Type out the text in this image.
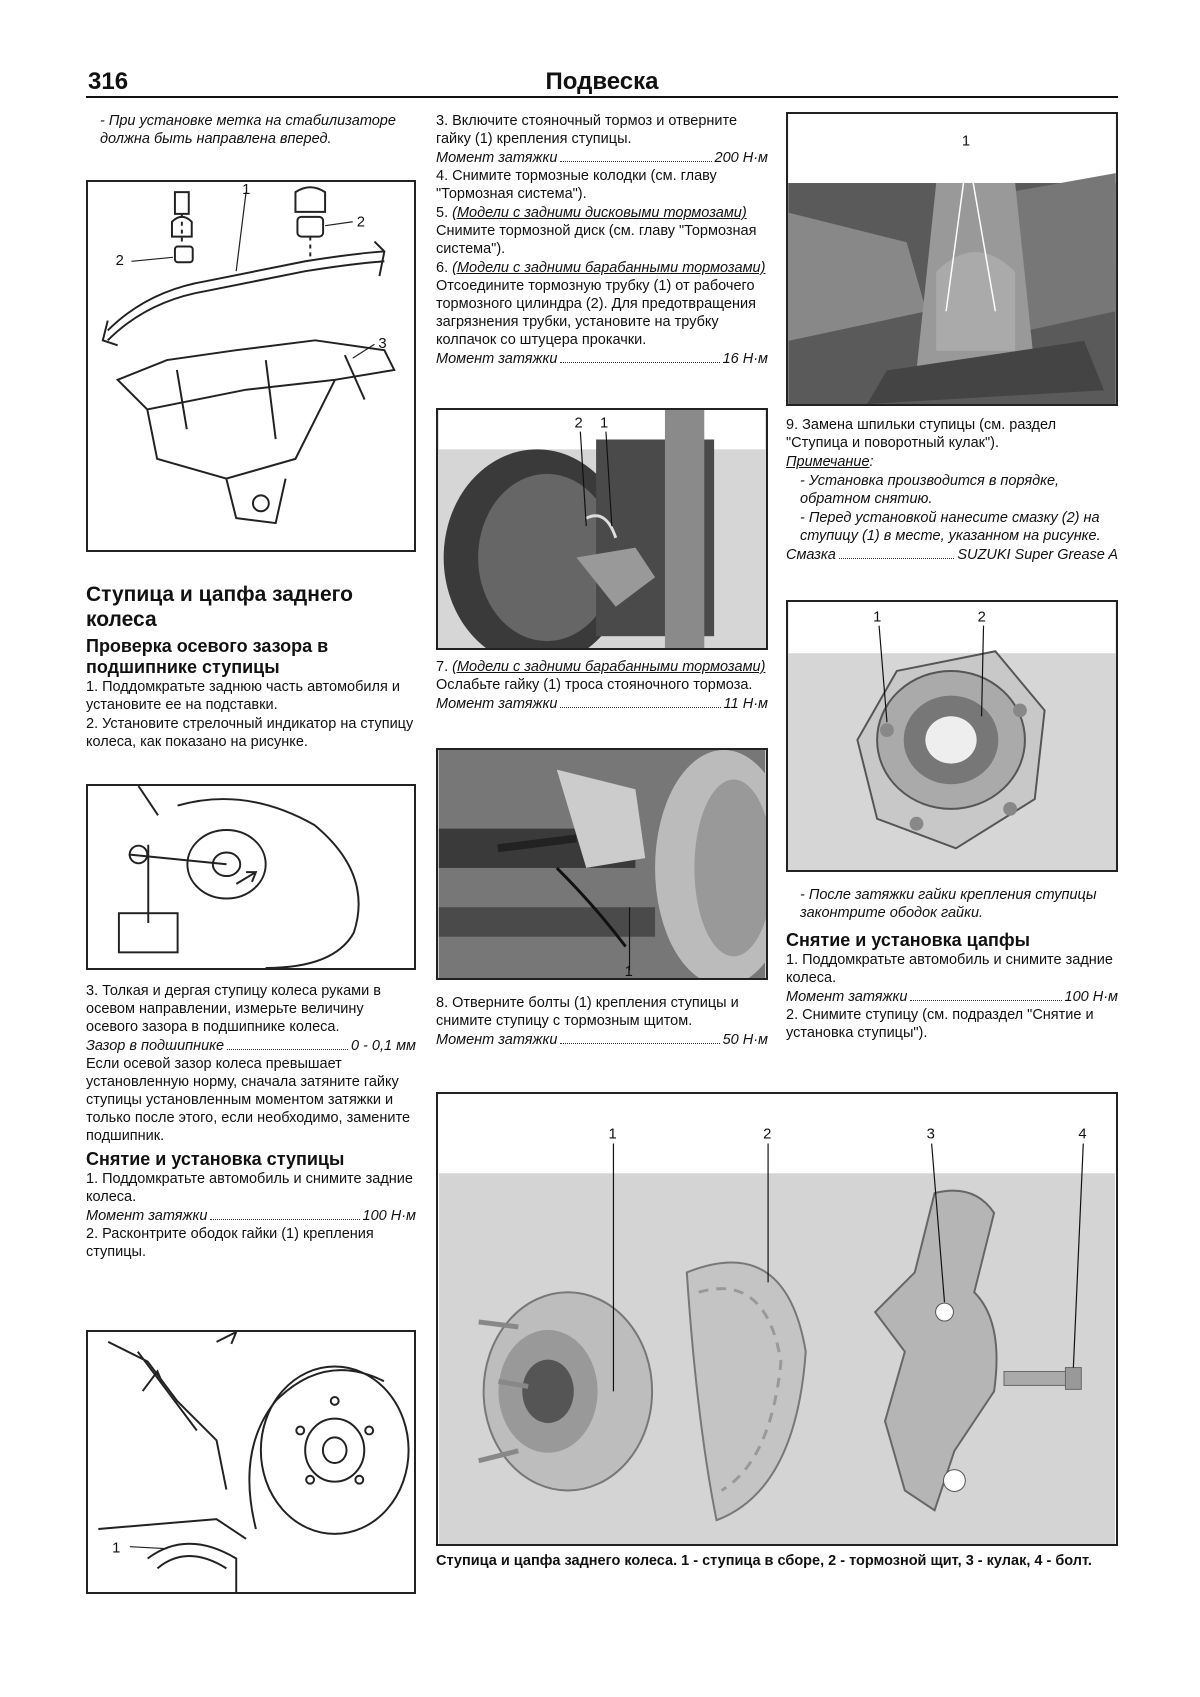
316	Подвеска

- При установке метка на стабилизаторе должна быть направлена вперед.

1
2
2
3
Ступица и цапфа заднего колеса
Проверка осевого зазора в подшипнике ступицы

1. Поддомкратьте заднюю часть автомобиля и установите ее на подставки.

2. Установите стрелочный индикатор на ступицу колеса, как показано на рисунке.

3. Толкая и дергая ступицу колеса руками в осевом направлении, измерьте величину осевого зазора в подшипнике колеса.

Зазор в подшипнике	0 - 0,1 мм

Если осевой зазор колеса превышает установленную норму, сначала затяните гайку ступицы установленным моментом затяжки и только после этого, если необходимо, замените подшипник.

Снятие и установка ступицы

1. Поддомкратьте автомобиль и снимите задние колеса.

Момент затяжки	100 Н·м

2. Расконтрите ободок гайки (1) крепления ступицы.

1

3. Включите стояночный тормоз и отверните гайку (1) крепления ступицы.

Момент затяжки	200 Н·м

4. Снимите тормозные колодки (см. главу "Тормозная система").

5. (Модели с задними дисковыми тормозами) Снимите тормозной диск (см. главу "Тормозная система").

6. (Модели с задними барабанными тормозами) Отсоедините тормозную трубку (1) от рабочего тормозного цилиндра (2). Для предотвращения загрязнения трубки, установите на трубку колпачок со штуцера прокачки.

Момент затяжки	16 Н·м
2 1

7. (Модели с задними барабанными тормозами) Ослабьте гайку (1) троса стояночного тормоза.

Момент затяжки	11 Н·м
1

8. Отверните болты (1) крепления ступицы и снимите ступицу с тормозным щитом.

Момент затяжки	50 Н·м
1

9. Замена шпильки ступицы (см. раздел "Ступица и поворотный кулак").

Примечание:

- Установка производится в порядке, обратном снятию.

- Перед установкой нанесите смазку (2) на ступицу (1) в месте, указанном на рисунке.

Смазка	SUZUKI Super Grease A
1	2

- После затяжки гайки крепления ступицы законтрите ободок гайки.

Снятие и установка цапфы

1. Поддомкратьте автомобиль и снимите задние колеса.

Момент затяжки	100 Н·м

2. Снимите ступицу (см. подраздел "Снятие и установка ступицы").

1	2	3	4
Ступица и цапфа заднего колеса. 1 - ступица в сборе, 2 - тормозной щит, 3 - кулак, 4 - болт.
